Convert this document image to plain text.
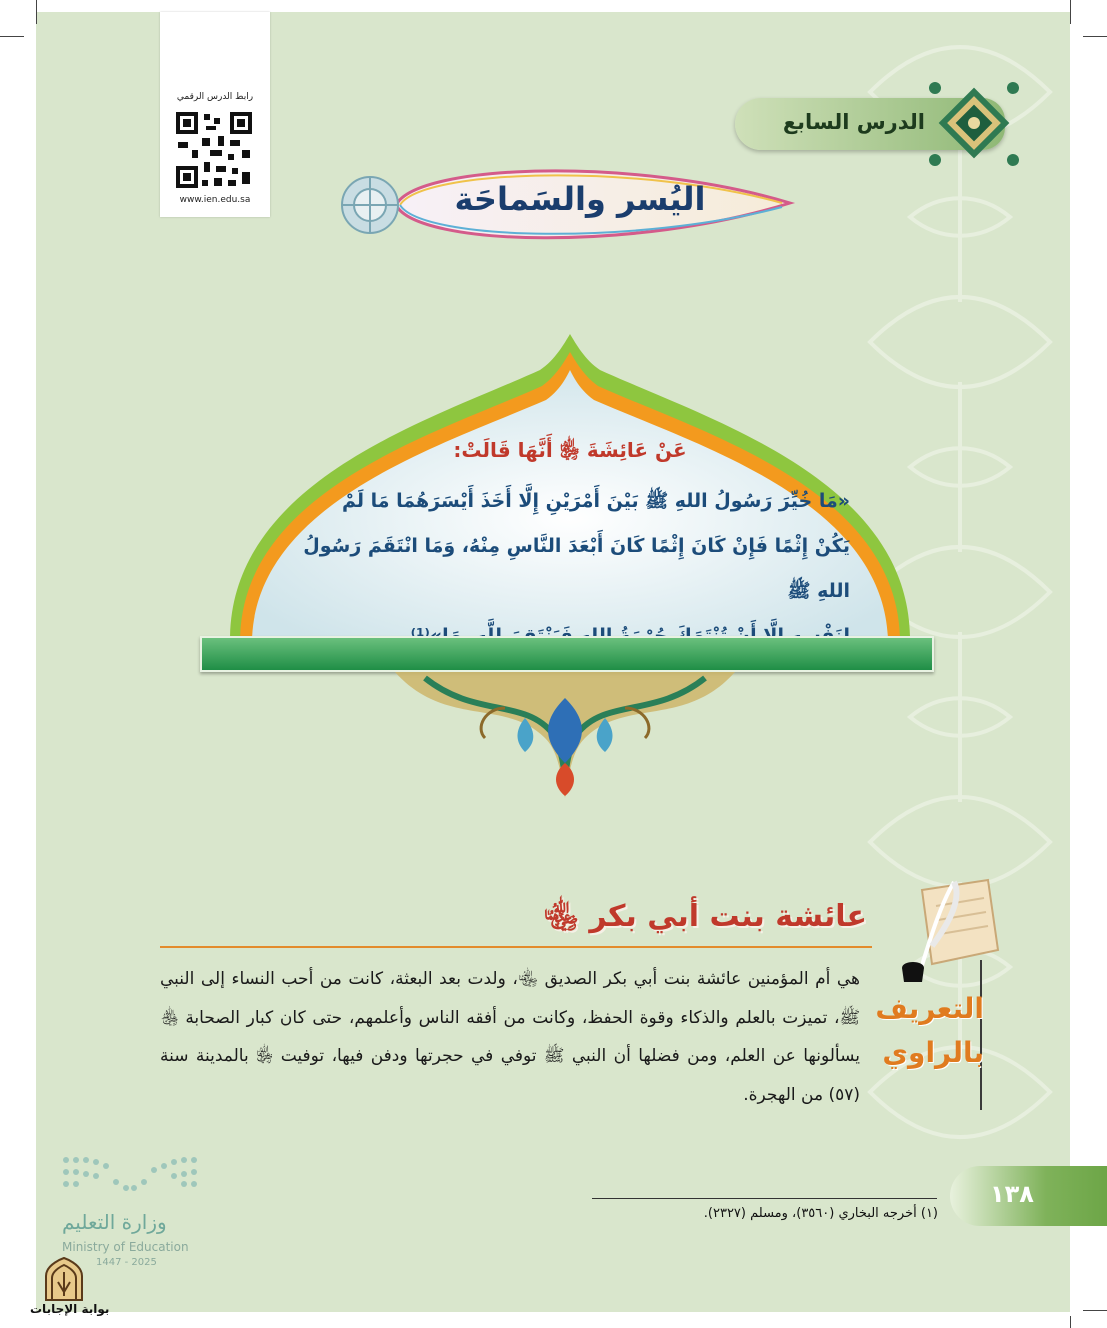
رابط الدرس الرقمي
www.ien.edu.sa
الدرس السابع
اليُسر والسَماحَة
عَنْ عَائِشَةَ ﵂ أَنَّهَا قَالَتْ:
«مَا خُيِّرَ رَسُولُ اللهِ ﷺ بَيْنَ أَمْرَيْنِ إِلَّا أَخَذَ أَيْسَرَهُمَا مَا لَمْ
يَكُنْ إِثْمًا فَإِنْ كَانَ إِثْمًا كَانَ أَبْعَدَ النَّاسِ مِنْهُ، وَمَا انْتَقَمَ رَسُولُ اللهِ ﷺ
عائشة بنت أبي بكر ﵄
التعريف
بالراوي
هي أم المؤمنين عائشة بنت أبي بكر الصديق ﵄، ولدت بعد البعثة، كانت من أحب النساء إلى النبي ﷺ، تميزت بالعلم والذكاء وقوة الحفظ، وكانت من أفقه الناس وأعلمهم، حتى كان كبار الصحابة ﵃ يسألونها عن العلم، ومن فضلها أن النبي ﷺ توفي في حجرتها ودفن فيها، توفيت ﵂ بالمدينة سنة (٥٧) من الهجرة.
(١) أخرجه البخاري (٣٥٦٠)، ومسلم (٢٣٢٧).
١٣٨
وزارة التعليم
Ministry of Education
2025 - 1447
بوابة الإجابات
